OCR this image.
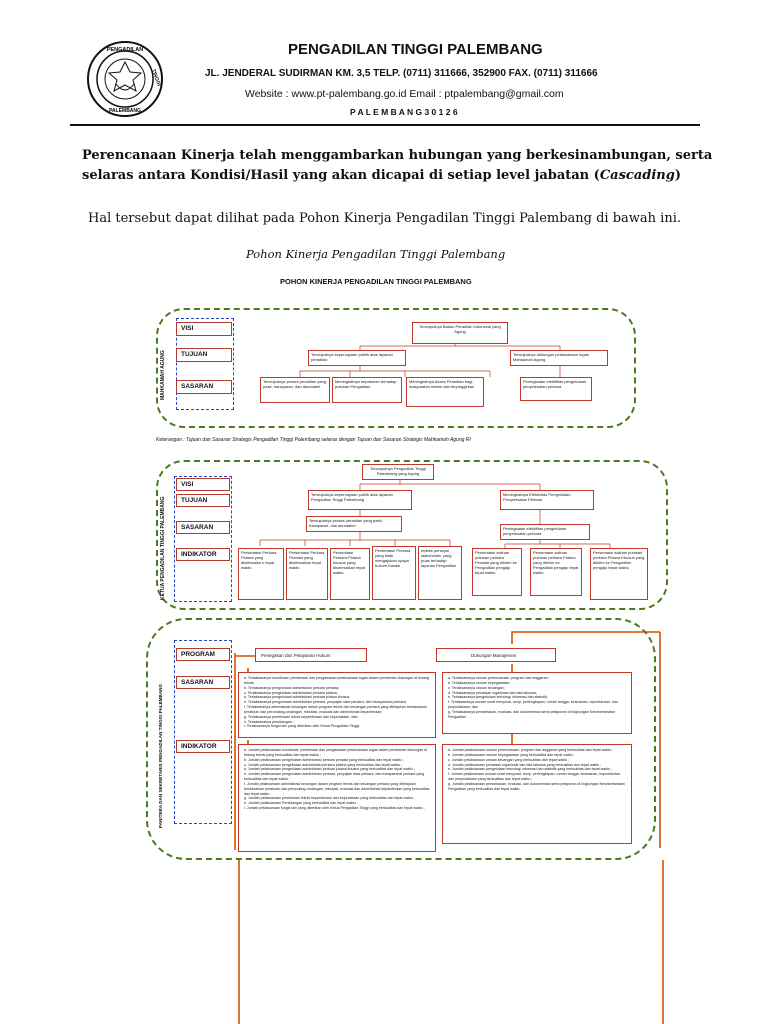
PENGADILAN
TINGGI
PALEMBANG
PENGADILAN TINGGI PALEMBANG
JL. JENDERAL SUDIRMAN KM. 3,5 TELP. (0711) 311666, 352900 FAX. (0711) 311666
Website : www.pt-palembang.go.id Email : ptpalembang@gmail.com
P A L E M B A N G 3 0 1 2 6
Perencanaan Kinerja telah menggambarkan hubungan yang berkesinambungan, serta
selaras antara Kondisi/Hasil yang akan dicapai di setiap level jabatan (Cascading)
Hal tersebut dapat dilihat pada Pohon Kinerja Pengadilan Tinggi Palembang di bawah ini.
Pohon Kinerja Pengadilan Tinggi Palembang
POHON KINERJA PENGADILAN TINGGI PALEMBANG
MAHKAMAH AGUNG
VISI
TUJUAN
SASARAN
Terwujudnya Badan Peradilan Indonesia yang Agung
Terwujudnya kepercayaan publik atas layanan peradilan
Terwujudnya dukungan pelaksanaan tugas Mahkamah Agung
Terwujudnya proses peradilan yang pasti, transparan, dan akuntabel
Meningkatnya kepatuhan terhadap putusan Pengadilan
Meningkatnya Akses Peradilan bagi masyarakat miskin dan terpinggirkan
Peningkatan efektifitas pengelolaan penyelesaian perkara
Keterangan : Tujuan dan Sasaran Strategis Pengadilan Tinggi Palembang selaras dengan Tujuan dan Sasaran Strategis Mahkamah Agung RI
KETUA PENGADILAN TINGGI PALEMBANG
VISI
TUJUAN
SASARAN
INDIKATOR
Terwujudnya Pengadilan Tinggi Palembang yang Agung
Terwujudnya kepercayaan publik atas layanan Pengadilan Tinggi Palembang
Meningkatnya Efektivitas Pengelolaan Penyelesaian Perkara
Terwujudnya proses peradilan yang pasti, transparan, dan akuntabel
Peningkatan efektifitas pengelolaan penyelesaian perkara
Persentase Perkara Pidana yang diselesaika n tepat waktu
Persentase Perkara Perdata yang diselesaikan tepat waktu
Persentase Perkara Pidana khusus yang diselesaikan tepat waktu
Persentase Perkara yang tidak mengajukan upaya hukum Kasasi
Indeks persepsi stakeholder yang puas terhadap layanan Pengadilan
Persentase salinan putusan perkara Perdata yang dikirim ke Pengadilan pengaju tepat waktu
Persentase salinan putusan perkara Pidana yang dikirim ke Pengadilan pengaju tepat waktu
Persentase salinan putusan perkara Pidana Khusus yang dikirim ke Pengadilan pengaju tepat waktu
PANITERA DAN SEKRETARIS PENGADILAN TINGGI PALEMBANG
PROGRAM
SASARAN
INDIKATOR
Penegakan dan Pelayanan Hukum	Dukungan Manajemen
a. Terlaksananya koordinasi, pembinaan dan pengawasan pelaksanaan tugas dalam pemberian dukungan di bidang teknis;
b. Terlaksananya pengelolaan administrasi perkara perdata;
c. Terlaksananya pengelolaan administrasi perkara pidana;
d. Terlaksananya pengelolaan administrasi perkara pidana khusus;
e. Terlaksananya pengelolaan administrasi perkara, penyajian data perkara, dan transparansi perkara;
f. Terlaksananya administrasi keuangan dalam program teknis dan keuangan perkara yang ditetapkan berdasarkan peraturan dan perundang-undangan, minutasi, evaluasi dan administrasi kepaniteraan;
g. Terlaksananya pembinaan teknis kepaniteraan dan kejurusitaan, dan;
h. Terlaksananya persidangan ;
i. Terlaksananya fungsi lain yang diberikan oleh Ketua Pengadilan Tinggi.
a. Terlaksananya urusan perencanaan, program dan anggaran;
b. Terlaksananya urusan kepegawaian;
c. Terlaksananya urusan keuangan;
d. Terlaksananya penataan organisasi dan tata laksana;
e. Terlaksananya pengelolaan teknologi informasi dan statistik;
f. Terlaksananya urusan surat menyurat, arsip, perlengkapan, rumah tangga, keamanan, keprotokolan, dan perpustakaan; dan
g. Terlaksananya pemantauan, evaluasi, dan dokumentasi serta pelaporan di lingkungan Kesekretariatan Pengadilan
a. Jumlah pelaksanaan koordinasi, pembinaan dan pengawasan pelaksanaan tugas dalam pemberian dukungan di bidang teknis yang berkualitas dan tepat waktu ;
b. Jumlah pelaksanaan pengelolaan administrasi perkara perdata yang berkualitas dan tepat waktu ;
c. Jumlah pelaksanaan pengelolaan administrasi perkara pidana yang berkualitas dan tepat waktu ;
d. Jumlah pelaksanaan pengelolaan administrasi perkara pidana khusus yang berkualitas dan tepat waktu ;
e. Jumlah pelaksanaan pengelolaan administrasi perkara, penyajian data perkara, dan transparansi perkara yang berkualitas dan tepat waktu ;
f. Jumlah pelaksanaan administrasi keuangan dalam program teknis dan keuangan perkara yang ditetapkan berdasarkan peraturan dan perundang-undangan, minutasi, evaluasi dan administrasi kepaniteraan yang berkualitas dan tepat waktu ;
g. Jumlah pelaksanaan pembinaan teknis kepaniteraan dan kejurusitaan yang berkualitas dan tepat waktu ;
h. Jumlah pelaksanaan Persidangan yang berkualitas dan tepat waktu ;
i. Jumlah pelaksanaan fungsi lain yang diberikan oleh Ketua Pengadilan Tinggi yang berkualitas dan tepat waktu ;
a. Jumlah pelaksanaan urusan perencanaan, program dan anggaran yang berkualitas dan tepat waktu ;
b. Jumlah pelaksanaan urusan kepegawaian yang berkualitas dan tepat waktu ;
c. Jumlah pelaksanaan urusan keuangan yang berkualitas dan tepat waktu ;
d. Jumlah pelaksanaan penataan organisasi dan tata laksana yang berkualitas dan tepat waktu ;
e. Jumlah pelaksanaan pengelolaan teknologi informasi dan statistik yang berkualitas dan tepat waktu ;
f. Jumlah pelaksanaan urusan surat menyurat, arsip, perlengkapan, rumah tangga, keamanan, keprotokolan, dan perpustakaan yang berkualitas dan tepat waktu ;
g. Jumlah pelaksanaan pemantauan, evaluasi, dan dokumentasi serta pelaporan di lingkungan Kesekretariatan Pengadilan yang berkualitas dan tepat waktu
